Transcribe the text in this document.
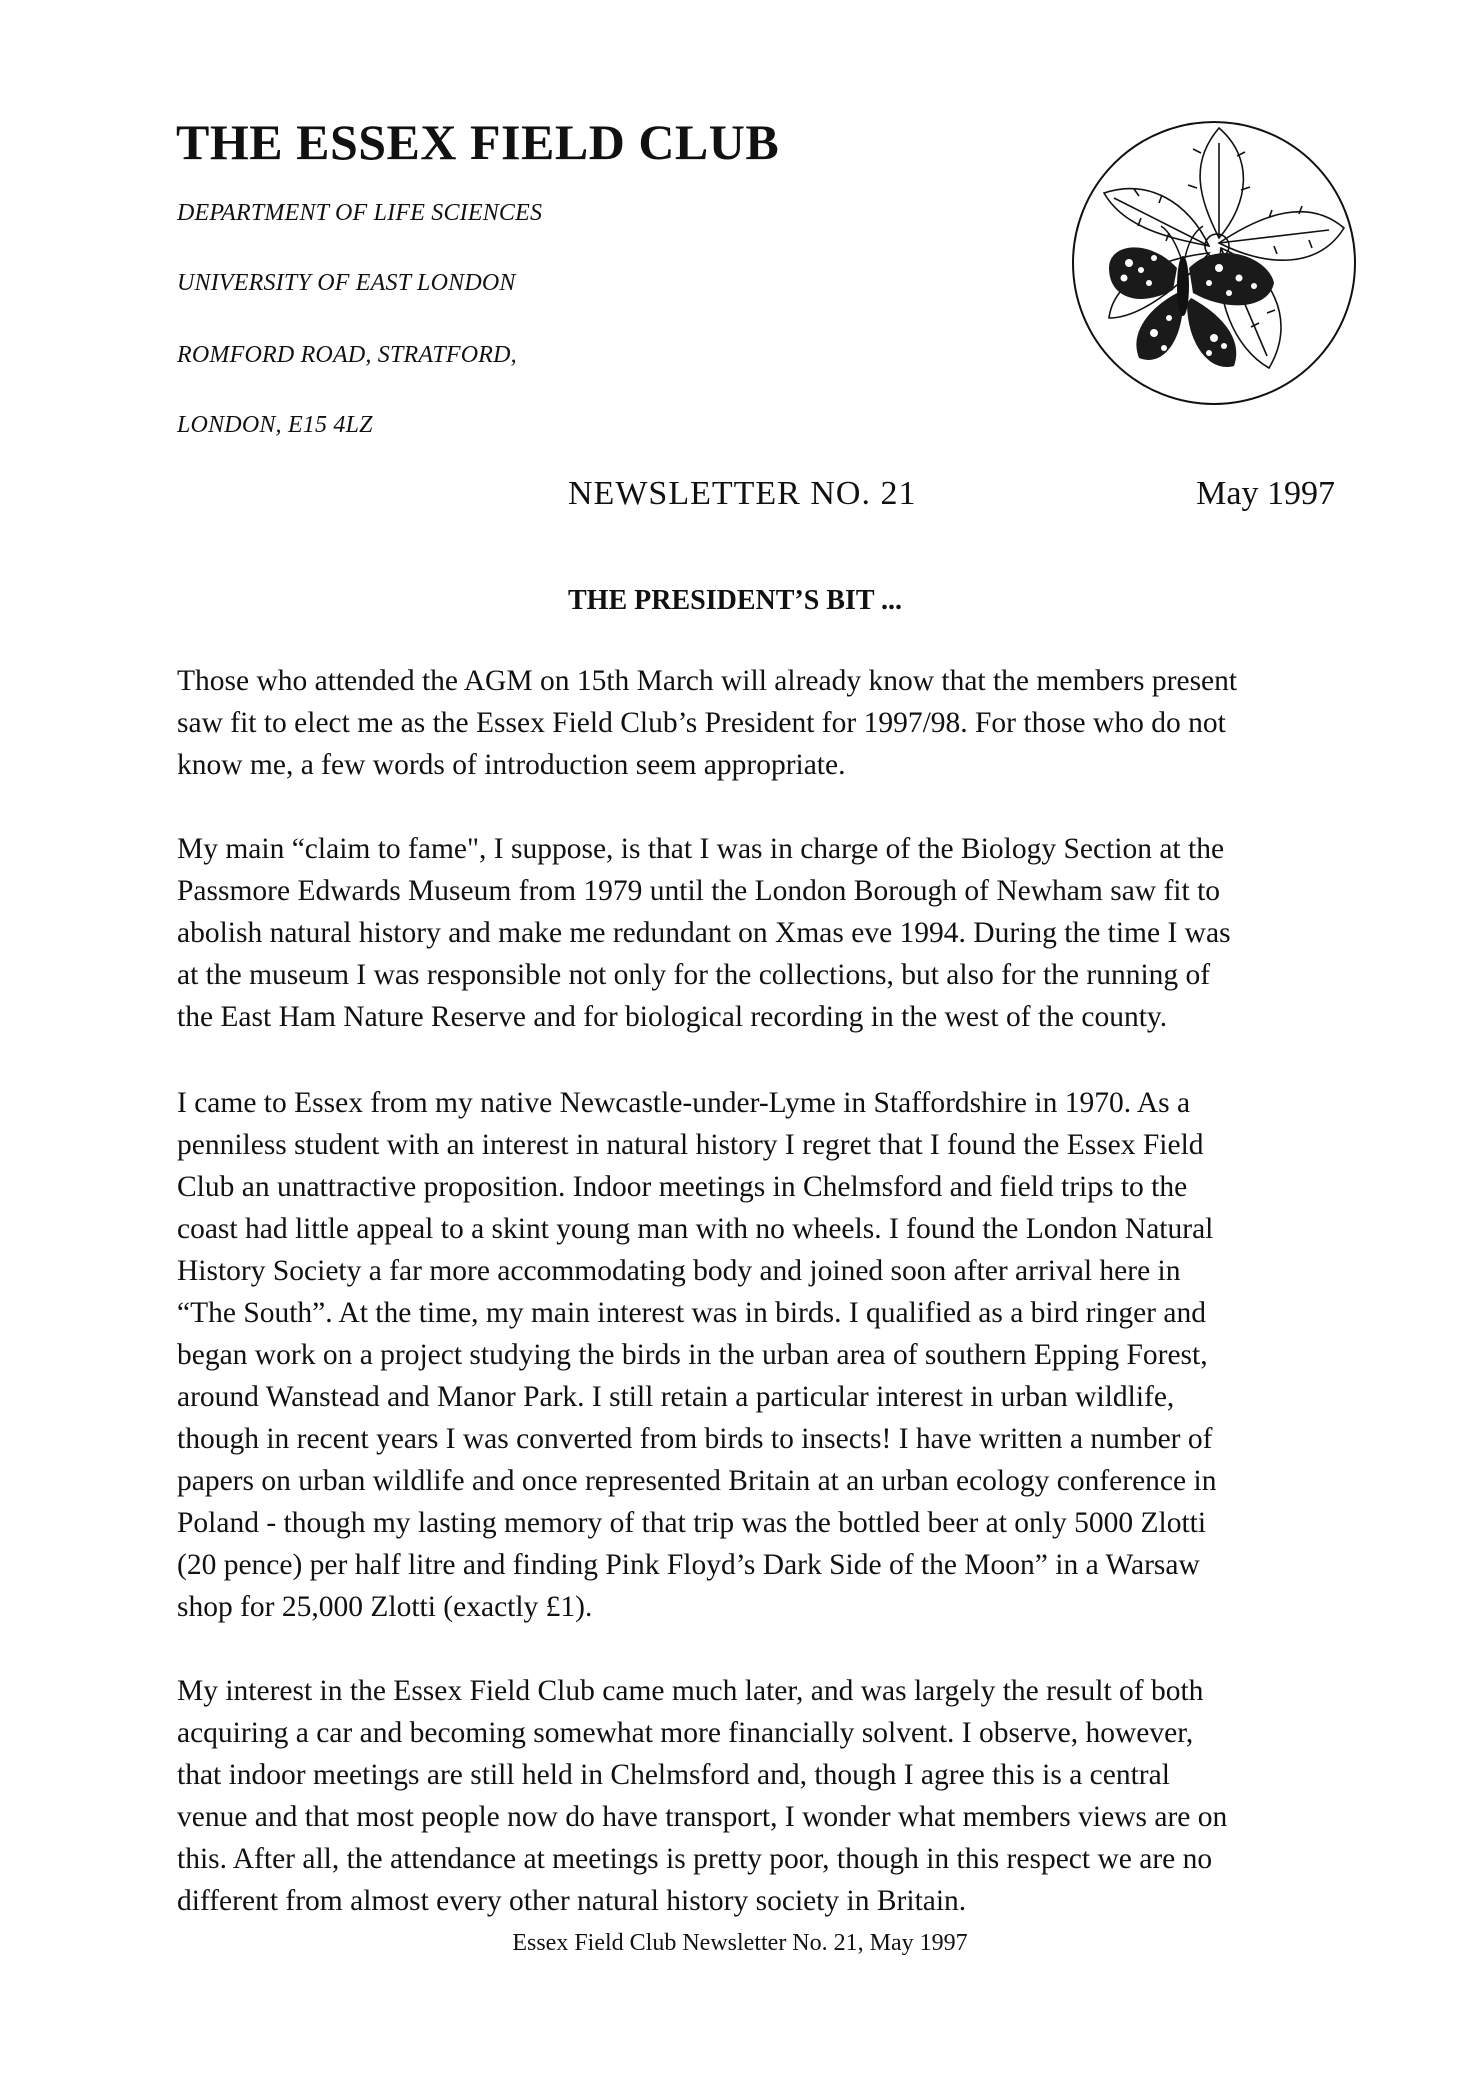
THE ESSEX FIELD CLUB

DEPARTMENT OF LIFE SCIENCES

UNIVERSITY OF EAST LONDON

ROMFORD ROAD, STRATFORD,

LONDON, E15 4LZ

NEWSLETTER NO. 21	May 1997

THE PRESIDENT’S BIT ...

Those who attended the AGM on 15th March will already know that the members present
saw fit to elect me as the Essex Field Club’s President for 1997/98. For those who do not
know me, a few words of introduction seem appropriate.

My main “claim to fame", I suppose, is that I was in charge of the Biology Section at the
Passmore Edwards Museum from 1979 until the London Borough of Newham saw fit to
abolish natural history and make me redundant on Xmas eve 1994. During the time I was
at the museum I was responsible not only for the collections, but also for the running of
the East Ham Nature Reserve and for biological recording in the west of the county.

I came to Essex from my native Newcastle-under-Lyme in Staffordshire in 1970. As a
penniless student with an interest in natural history I regret that I found the Essex Field
Club an unattractive proposition. Indoor meetings in Chelmsford and field trips to the
coast had little appeal to a skint young man with no wheels. I found the London Natural
History Society a far more accommodating body and joined soon after arrival here in
“The South”. At the time, my main interest was in birds. I qualified as a bird ringer and
began work on a project studying the birds in the urban area of southern Epping Forest,
around Wanstead and Manor Park. I still retain a particular interest in urban wildlife,
though in recent years I was converted from birds to insects! I have written a number of
papers on urban wildlife and once represented Britain at an urban ecology conference in
Poland - though my lasting memory of that trip was the bottled beer at only 5000 Zlotti
(20 pence) per half litre and finding Pink Floyd’s Dark Side of the Moon” in a Warsaw
shop for 25,000 Zlotti (exactly £1).

My interest in the Essex Field Club came much later, and was largely the result of both
acquiring a car and becoming somewhat more financially solvent. I observe, however,
that indoor meetings are still held in Chelmsford and, though I agree this is a central
venue and that most people now do have transport, I wonder what members views are on
this. After all, the attendance at meetings is pretty poor, though in this respect we are no
different from almost every other natural history society in Britain.

Essex Field Club Newsletter No. 21, May 1997
